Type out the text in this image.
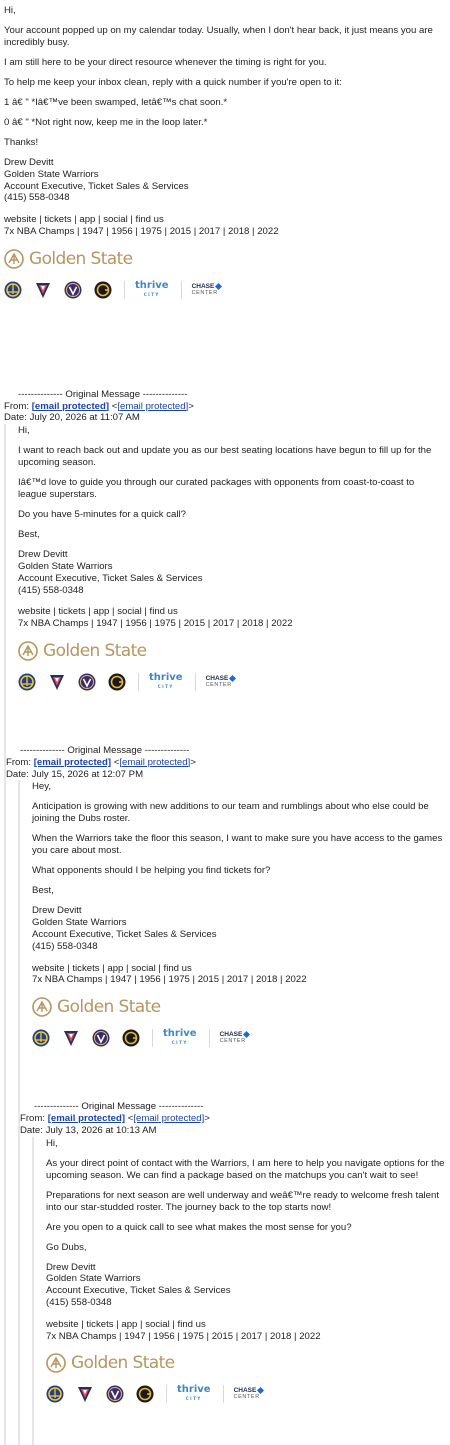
Hi,

Your account popped up on my calendar today. Usually, when I don't hear back, it just means you are incredibly busy.

I am still here to be your direct resource whenever the timing is right for you.

To help me keep your inbox clean, reply with a quick number if you're open to it:

1 â€ " *Iâ€™ve been swamped, letâ€™s chat soon.*

0 â€ " *Not right now, keep me in the loop later.*

Thanks!

Drew Devitt
Golden State Warriors
Account Executive, Ticket Sales & Services
(415) 558-0348
website | tickets | app | social | find us
7x NBA Champs | 1947 | 1956 | 1975 | 2015 | 2017 | 2018 | 2022
Golden State
thrive
CITY
CHASE
CENTER
-------------- Original Message --------------
From: [email protected] <[email protected]>
Date: July 20, 2026 at 11:07 AM

Hi,

I want to reach back out and update you as our best seating locations have begun to fill up for the upcoming season.

Iâ€™d love to guide you through our curated packages with opponents from coast-to-coast to league superstars.

Do you have 5-minutes for a quick call?

Best,

Drew Devitt
Golden State Warriors
Account Executive, Ticket Sales & Services
(415) 558-0348
website | tickets | app | social | find us
7x NBA Champs | 1947 | 1956 | 1975 | 2015 | 2017 | 2018 | 2022
Golden State
thrive
CITY
CHASE
CENTER
-------------- Original Message --------------
From: [email protected] <[email protected]>
Date: July 15, 2026 at 12:07 PM

Hey,

Anticipation is growing with new additions to our team and rumblings about who else could be joining the Dubs roster.

When the Warriors take the floor this season, I want to make sure you have access to the games you care about most.

What opponents should I be helping you find tickets for?

Best,

Drew Devitt
Golden State Warriors
Account Executive, Ticket Sales & Services
(415) 558-0348
website | tickets | app | social | find us
7x NBA Champs | 1947 | 1956 | 1975 | 2015 | 2017 | 2018 | 2022
Golden State
thrive
CITY
CHASE
CENTER
-------------- Original Message --------------
From: [email protected] <[email protected]>
Date: July 13, 2026 at 10:13 AM

Hi,

As your direct point of contact with the Warriors, I am here to help you navigate options for the upcoming season. We can find a package based on the matchups you can't wait to see!

Preparations for next season are well underway and weâ€™re ready to welcome fresh talent into our star-studded roster. The journey back to the top starts now!

Are you open to a quick call to see what makes the most sense for you?

Go Dubs,

Drew Devitt
Golden State Warriors
Account Executive, Ticket Sales & Services
(415) 558-0348
website | tickets | app | social | find us
7x NBA Champs | 1947 | 1956 | 1975 | 2015 | 2017 | 2018 | 2022
Golden State
thrive
CITY
CHASE
CENTER
